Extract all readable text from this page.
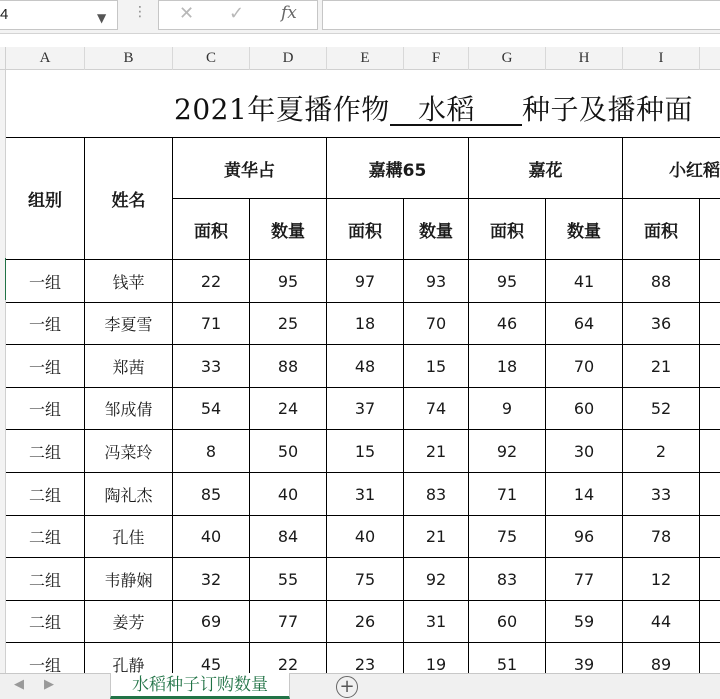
4	▼ ⋮ ✕ ✓ fx
A	B	C	D	E	F	G	H	I
2021年夏播作物 水稻 种子及播种面
组别	姓名
黄华占	嘉耩65	嘉花	小红稻
面积	数量	面积	数量	面积	数量	面积
一组	钱苹	22	95	97	93	95	41	88
一组	李夏雪	71	25	18	70	46	64	36
一组	郑茜	33	88	48	15	18	70	21
一组	邹成倩	54	24	37	74	9	60	52
二组	冯菜玲	8	50	15	21	92	30	2
二组	陶礼杰	85	40	31	83	71	14	33
二组	孔佳	40	84	40	21	75	96	78
二组	韦静娴	32	55	75	92	83	77	12
二组	姜芳	69	77	26	31	60	59	44
一组	孔静	45	22	23	19	51	39	89
◀ ▶	水稻种子订购数量	+
